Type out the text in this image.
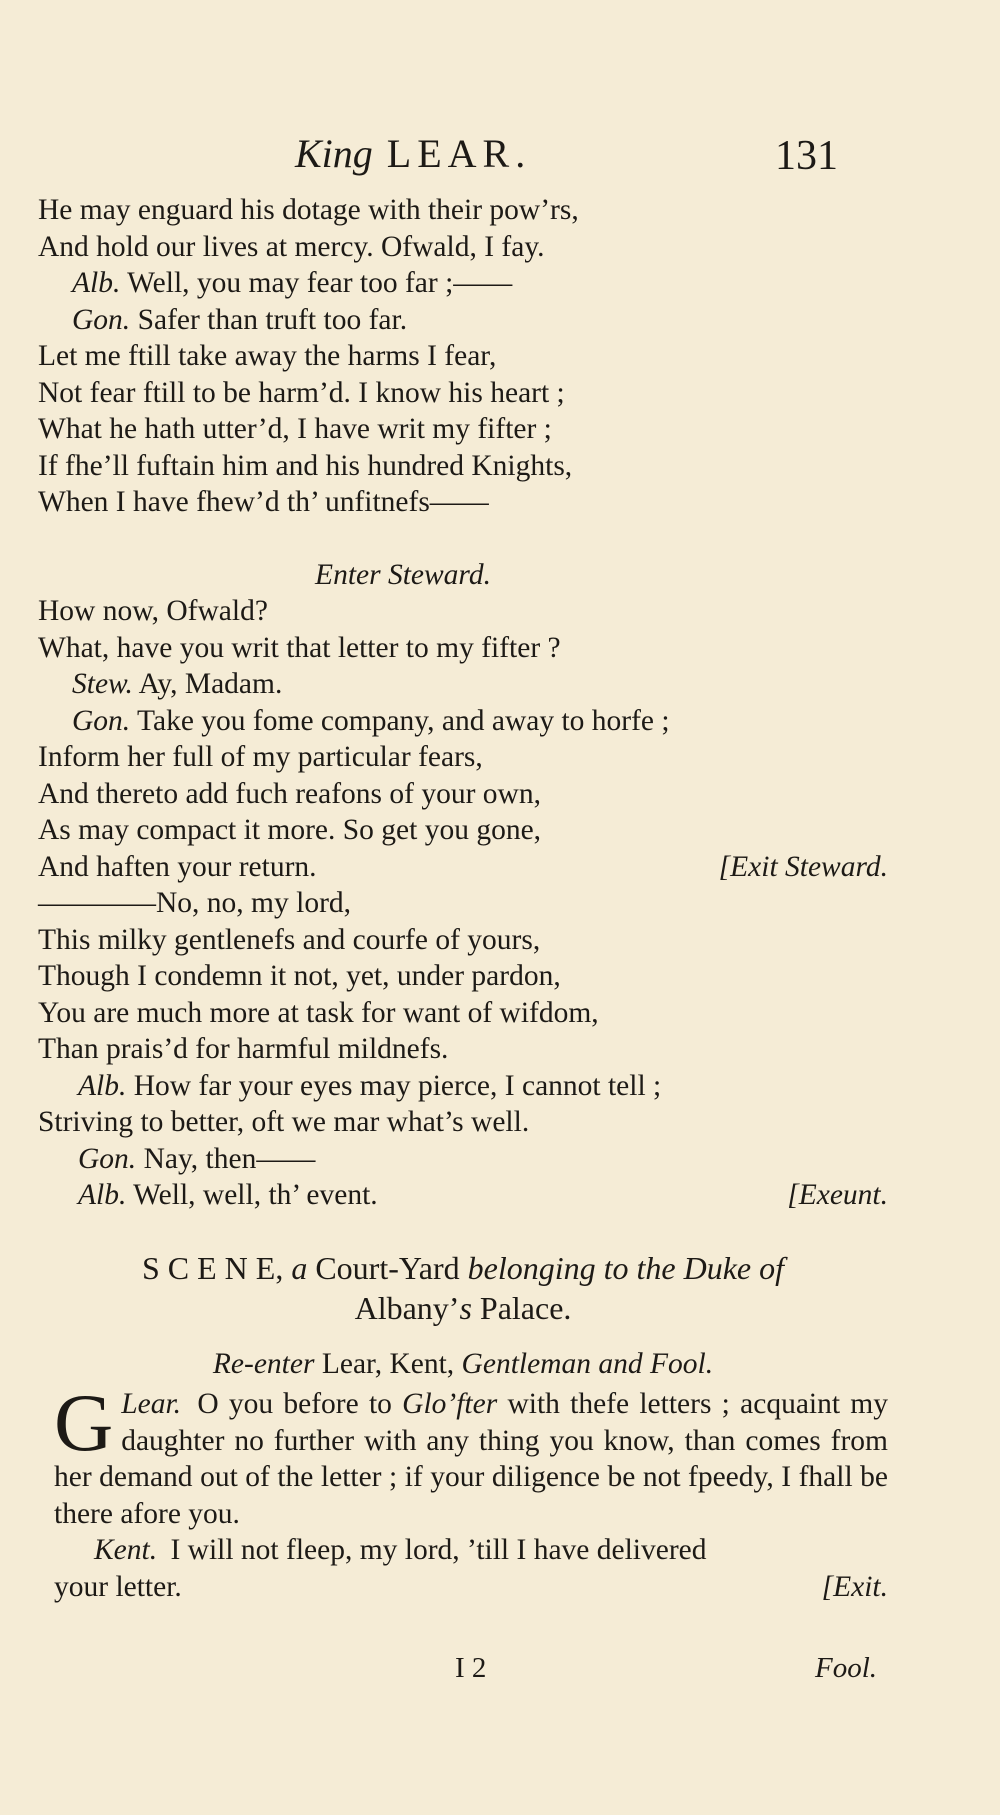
King LEAR.	131
He may enguard his dotage with their pow’rs,
And hold our lives at mercy. Ofwald, I fay.
Alb. Well, you may fear too far ;——
Gon. Safer than truft too far.
Let me ftill take away the harms I fear,
Not fear ftill to be harm’d. I know his heart ;
What he hath utter’d, I have writ my fifter ;
If fhe’ll fuftain him and his hundred Knights,
When I have fhew’d th’ unfitnefs——
Enter Steward.
How now, Ofwald?
What, have you writ that letter to my fifter ?
Stew. Ay, Madam.
Gon. Take you fome company, and away to horfe ;
Inform her full of my particular fears,
And thereto add fuch reafons of your own,
As may compact it more. So get you gone,
And haften your return.	[Exit Steward.
————No, no, my lord,
This milky gentlenefs and courfe of yours,
Though I condemn it not, yet, under pardon,
You are much more at task for want of wifdom,
Than prais’d for harmful mildnefs.
Alb. How far your eyes may pierce, I cannot tell ;
Striving to better, oft we mar what’s well.
Gon. Nay, then——
Alb. Well, well, th’ event.	[Exeunt.
S C E N E, a Court-Yard belonging to the Duke of
Albany’s Palace.
Re-enter Lear, Kent, Gentleman and Fool.
Lear.
G	O you before to Glo’fter with thefe letters ; acquaint my daughter no further with any thing you know, than comes from her demand out of the letter ; if your diligence be not fpeedy, I fhall be there afore you.
Kent. I will not fleep, my lord, ’till I have delivered
your letter.	[Exit.
I 2	Fool.
